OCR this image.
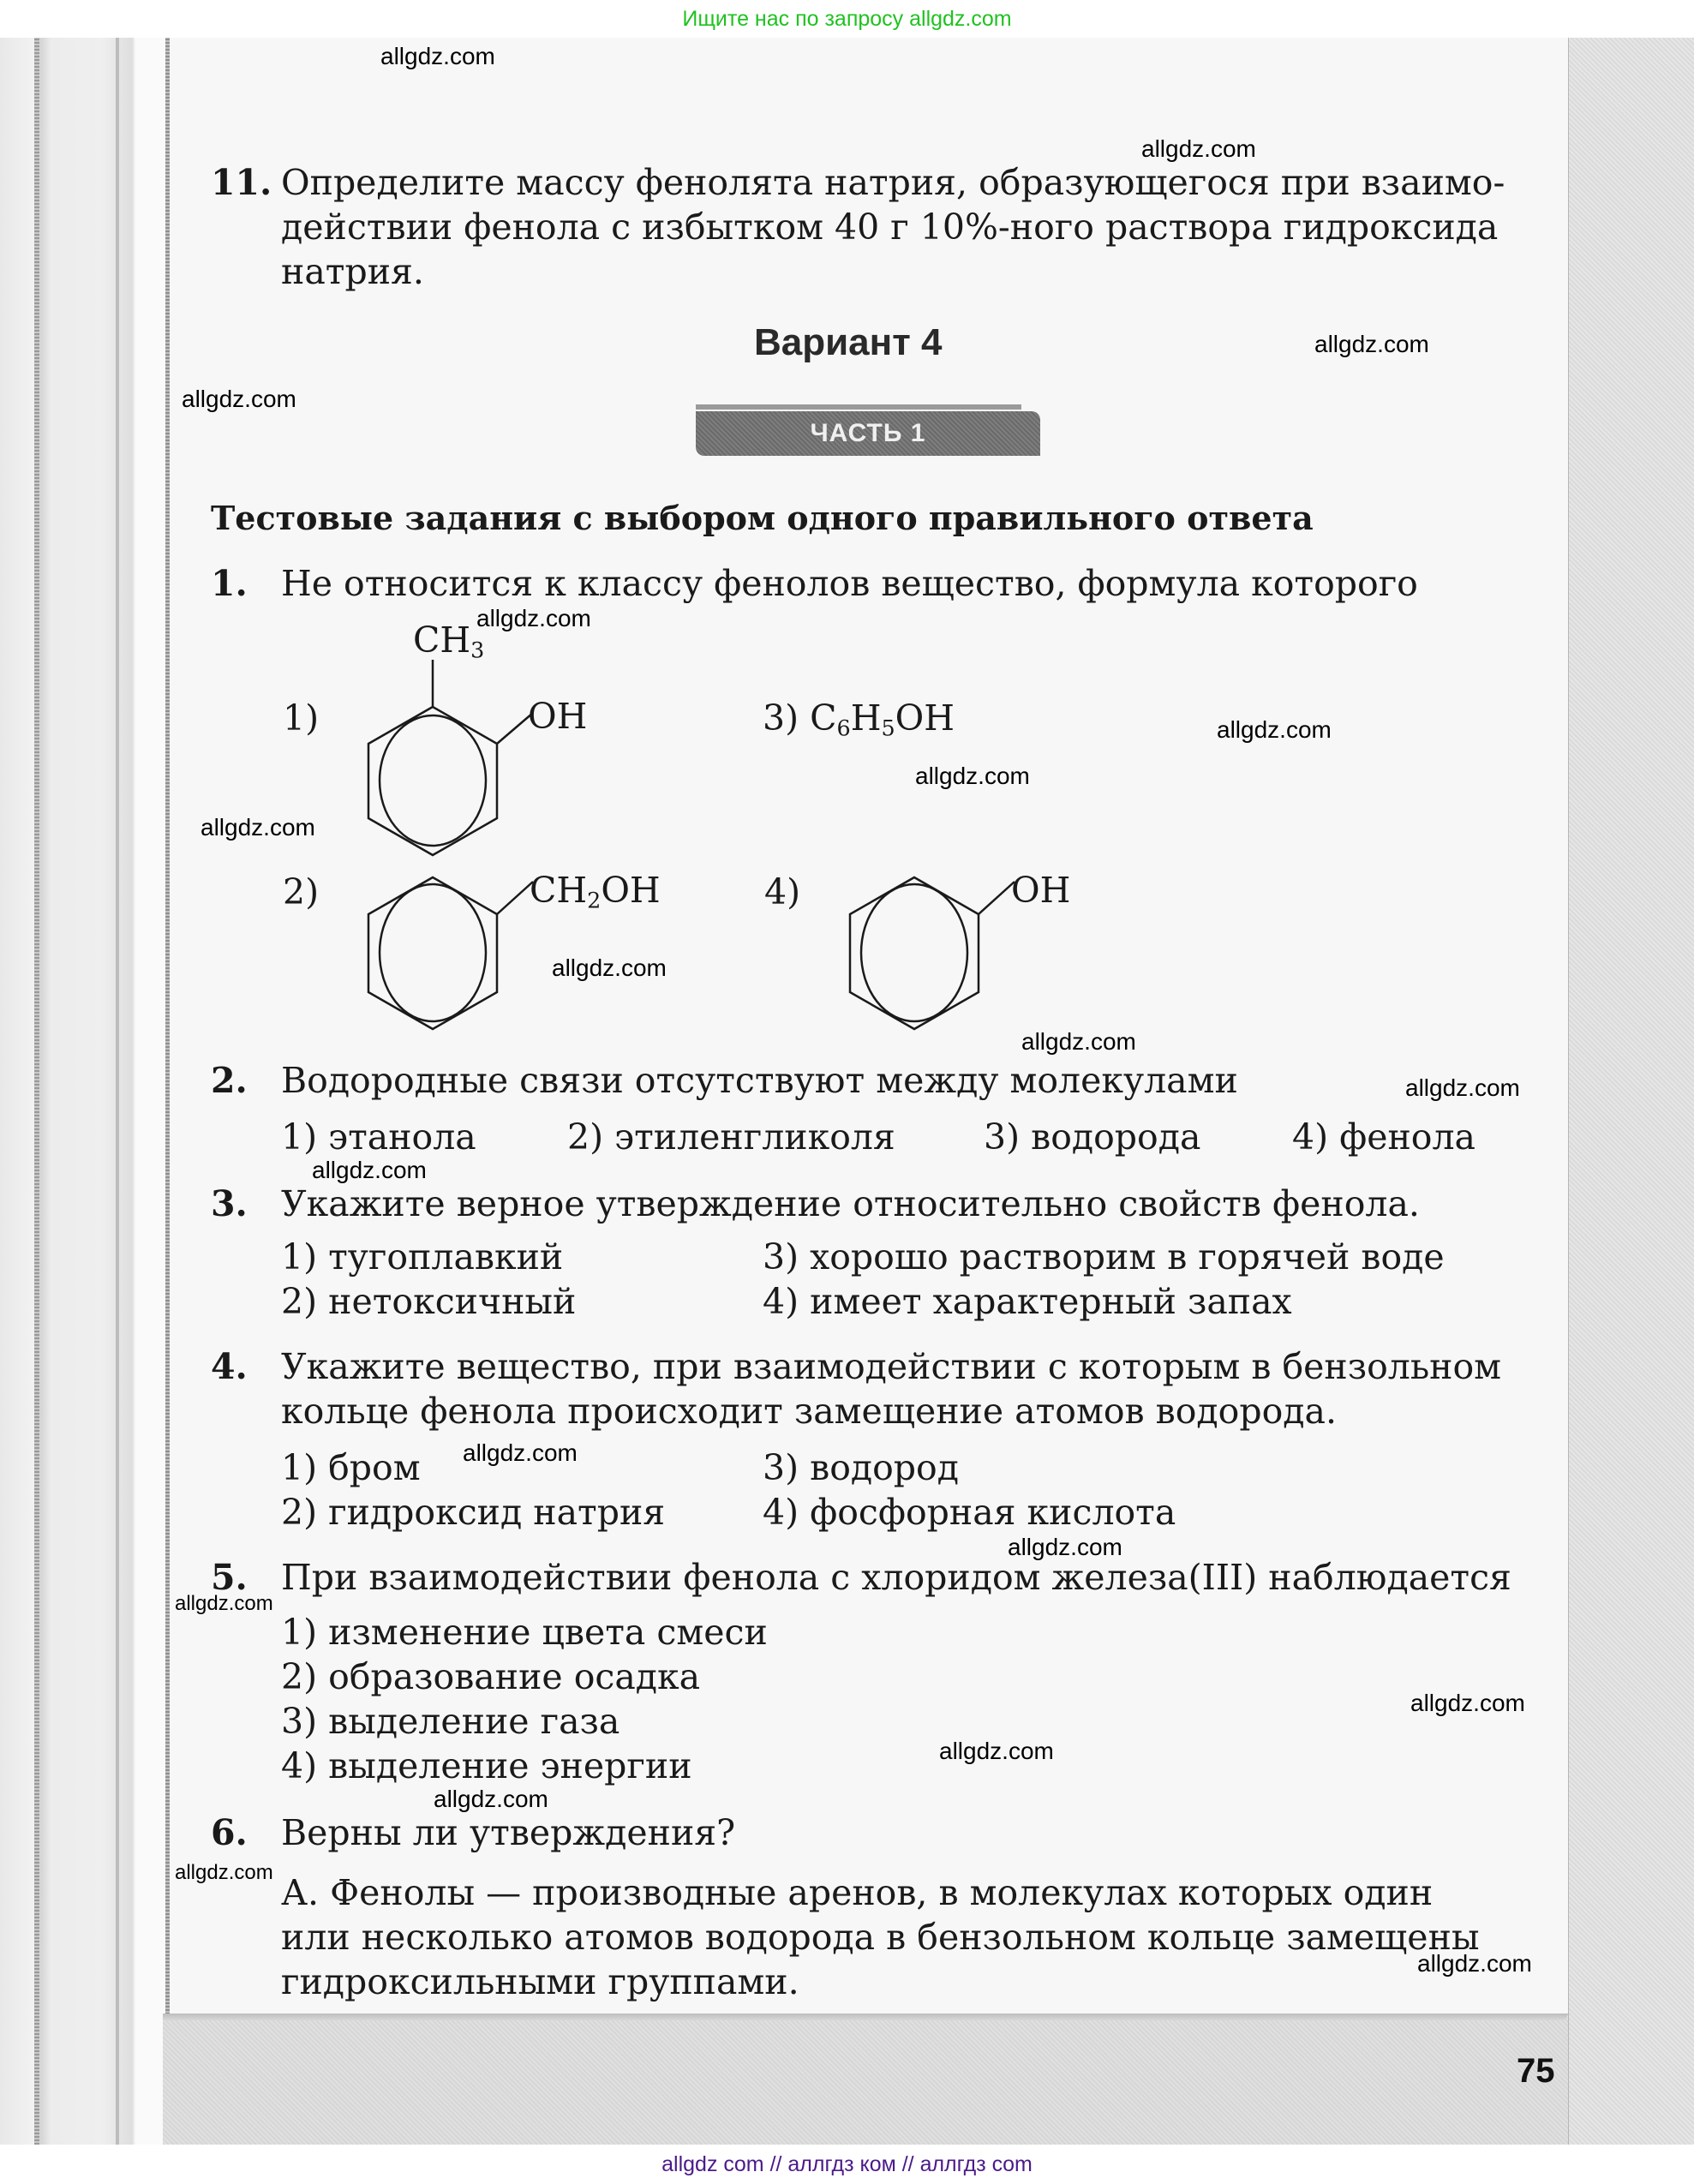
Ищите нас по запросу allgdz.com
11. Определите массу фенолята натрия, образующегося при взаимо-
действии фенола с избытком 40 г 10%-ного раствора гидроксида
натрия.
Вариант 4
ЧАСТЬ 1
Тестовые задания с выбором одного правильного ответа
1. Не относится к классу фенолов вещество, формула которого
1)
$CH_3$
OH	3) $C_6H_5OH$
2)	$CH_2OH$	4)	OH
2. Водородные связи отсутствуют между молекулами
1) этанола	2) этиленгликоля	3) водорода	4) фенола
3. Укажите верное утверждение относительно свойств фенола.
1) тугоплавкий
2) нетоксичный
3) хорошо растворим в горячей воде
4) имеет характерный запах
4. Укажите вещество, при взаимодействии с которым в бензольном
кольце фенола происходит замещение атомов водорода.
1) бром
2) гидроксид натрия
3) водород
4) фосфорная кислота
5. При взаимодействии фенола с хлоридом железа(III) наблюдается
1) изменение цвета смеси
2) образование осадка
3) выделение газа
4) выделение энергии
6. Верны ли утверждения?
А. Фенолы — производные аренов, в молекулах которых один
или несколько атомов водорода в бензольном кольце замещены
гидроксильными группами.
75
allgdz.com
allgdz.com
allgdz.com
allgdz.com
allgdz.com
allgdz.com
allgdz.com
allgdz.com
allgdz.com
allgdz.com
allgdz.com
allgdz.com
allgdz.com
allgdz.com
allgdz.com
allgdz.com
allgdz.com
allgdz.com
allgdz.com
allgdz.com
allgdz com // аллгдз ком // аллгдз com
